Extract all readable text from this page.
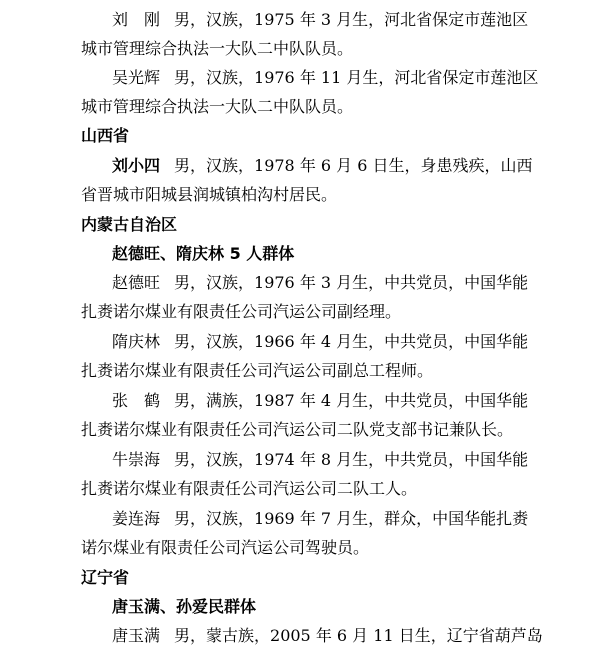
刘　刚 男，汉族，1975 年 3 月生，河北省保定市莲池区
城市管理综合执法一大队二中队队员。
吴光辉 男，汉族，1976 年 11 月生，河北省保定市莲池区
城市管理综合执法一大队二中队队员。
山西省
刘小四 男，汉族，1978 年 6 月 6 日生，身患残疾，山西
省晋城市阳城县润城镇柏沟村居民。
内蒙古自治区
赵德旺、隋庆林 5 人群体
赵德旺 男，汉族，1976 年 3 月生，中共党员，中国华能
扎赉诺尔煤业有限责任公司汽运公司副经理。
隋庆林 男，汉族，1966 年 4 月生，中共党员，中国华能
扎赉诺尔煤业有限责任公司汽运公司副总工程师。
张　鹤 男，满族，1987 年 4 月生，中共党员，中国华能
扎赉诺尔煤业有限责任公司汽运公司二队党支部书记兼队长。
牛崇海 男，汉族，1974 年 8 月生，中共党员，中国华能
扎赉诺尔煤业有限责任公司汽运公司二队工人。
姜连海 男，汉族，1969 年 7 月生，群众，中国华能扎赉
诺尔煤业有限责任公司汽运公司驾驶员。
辽宁省
唐玉满、孙爱民群体
唐玉满 男，蒙古族，2005 年 6 月 11 日生，辽宁省葫芦岛
